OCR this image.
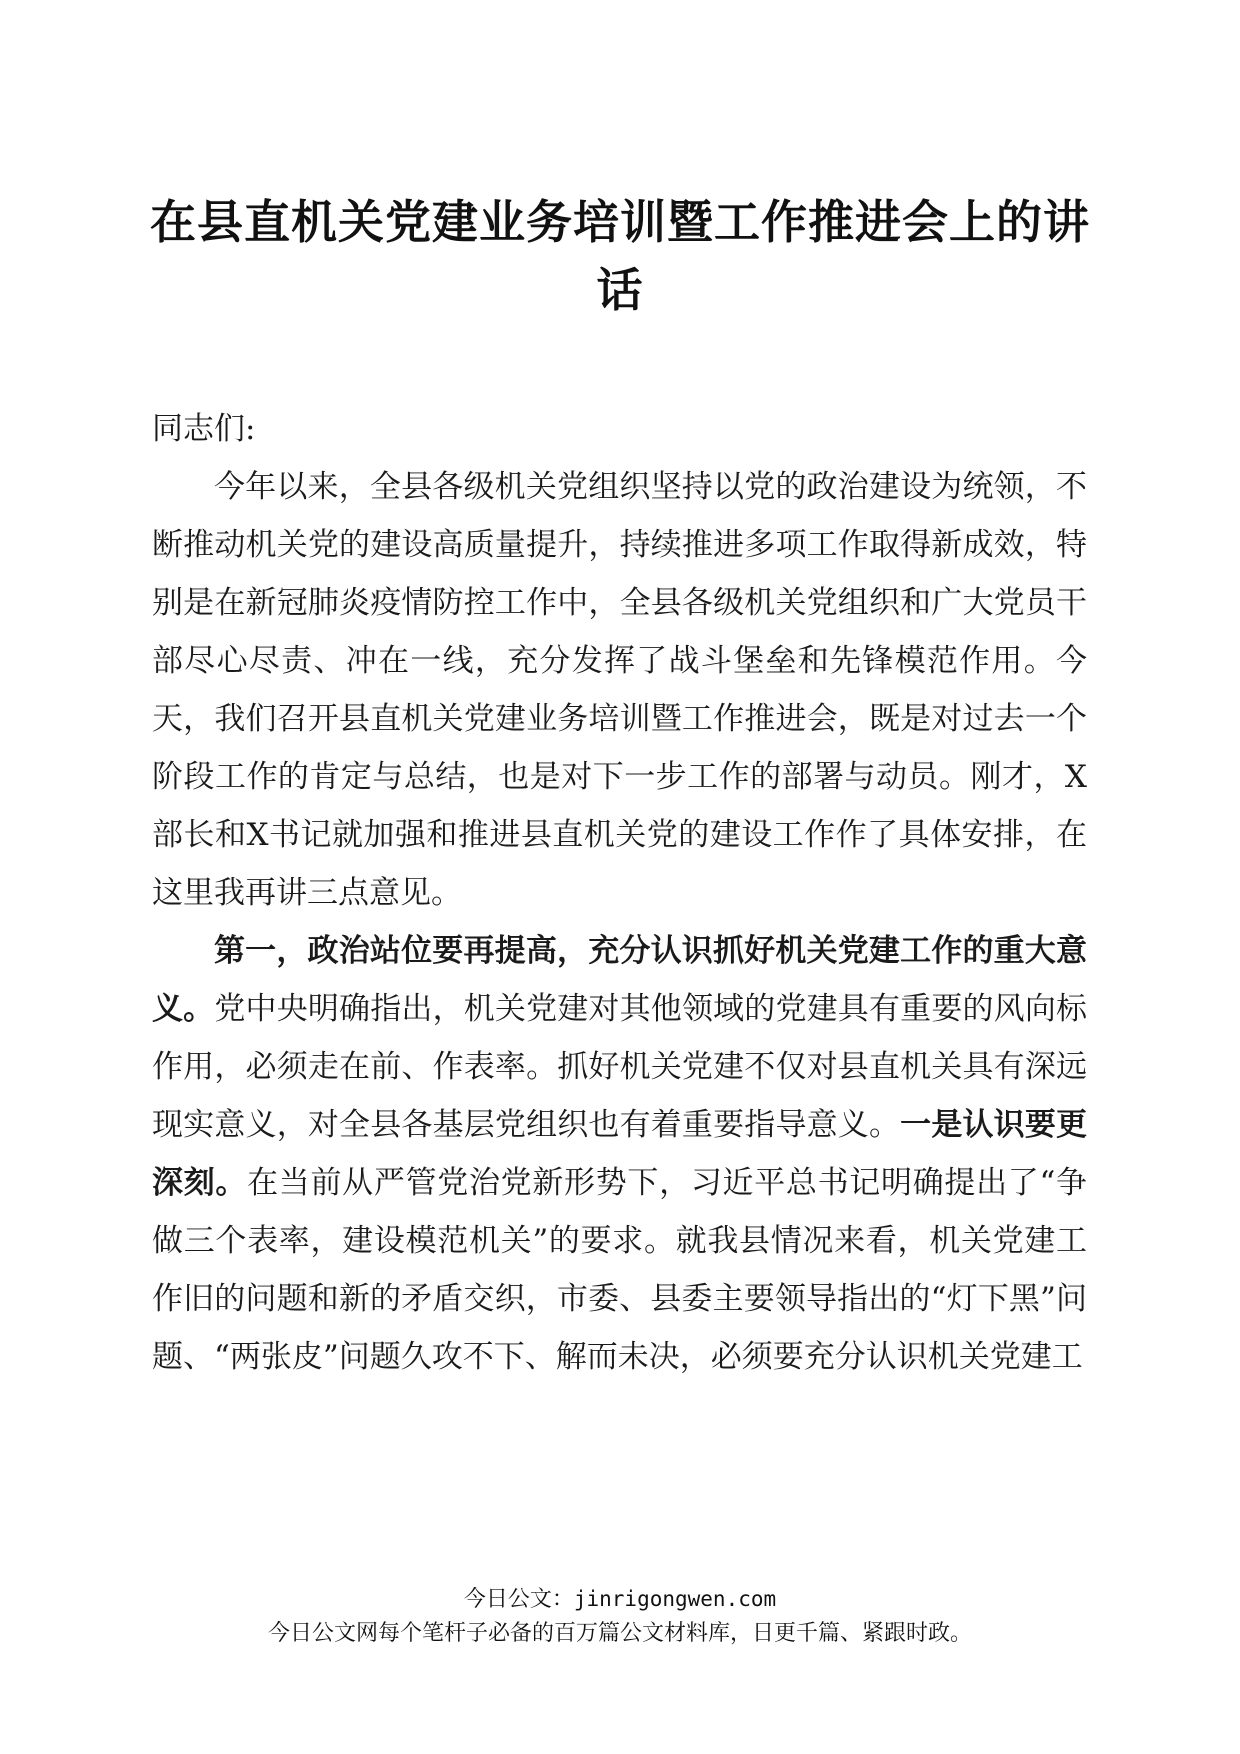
在县直机关党建业务培训暨工作推进会上的讲话

同志们:

今年以来，全县各级机关党组织坚持以党的政治建设为统领，不断推动机关党的建设高质量提升，持续推进多项工作取得新成效，特别是在新冠肺炎疫情防控工作中，全县各级机关党组织和广大党员干部尽心尽责、冲在一线，充分发挥了战斗堡垒和先锋模范作用。今天，我们召开县直机关党建业务培训暨工作推进会，既是对过去一个阶段工作的肯定与总结，也是对下一步工作的部署与动员。刚才，X部长和X书记就加强和推进县直机关党的建设工作作了具体安排，在这里我再讲三点意见。

第一，政治站位要再提高，充分认识抓好机关党建工作的重大意义。党中央明确指出，机关党建对其他领域的党建具有重要的风向标作用，必须走在前、作表率。抓好机关党建不仅对县直机关具有深远现实意义，对全县各基层党组织也有着重要指导意义。一是认识要更深刻。在当前从严管党治党新形势下，习近平总书记明确提出了“争做三个表率，建设模范机关”的要求。就我县情况来看，机关党建工作旧的问题和新的矛盾交织，市委、县委主要领导指出的“灯下黑”问题、“两张皮”问题久攻不下、解而未决，必须要充分认识机关党建工

今日公文：jinrigongwen.com
今日公文网每个笔杆子必备的百万篇公文材料库，日更千篇、紧跟时政。
